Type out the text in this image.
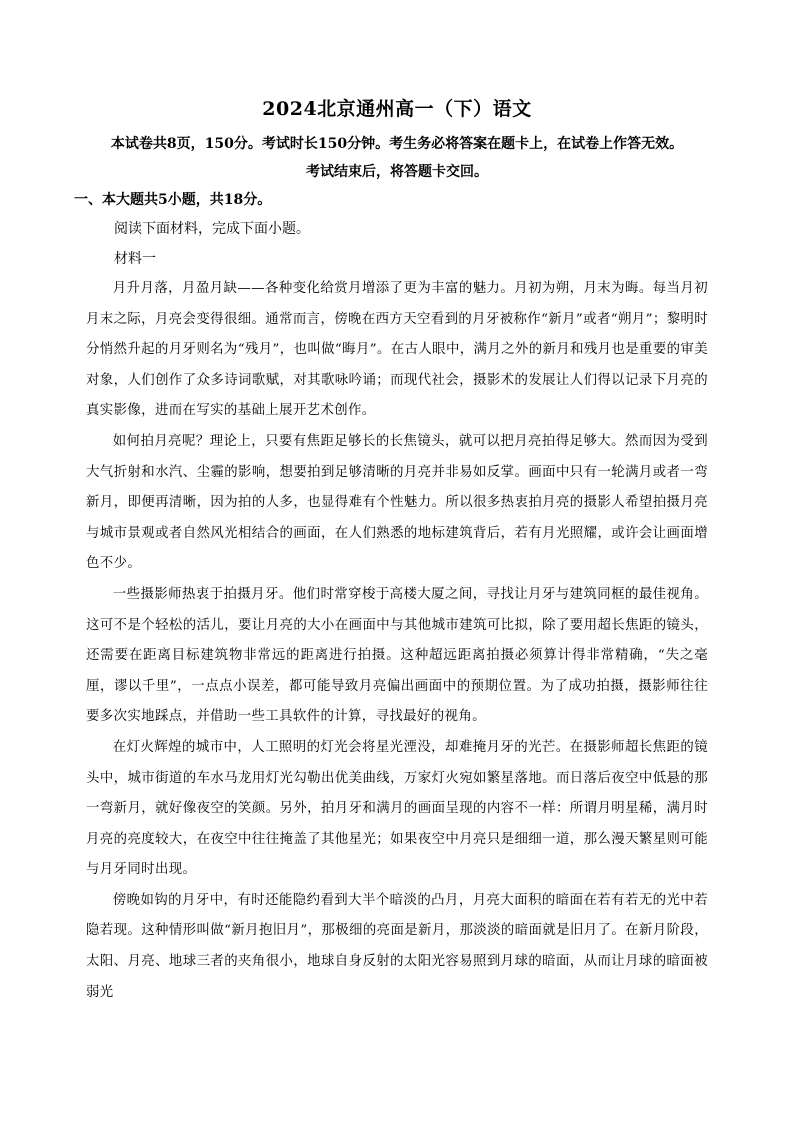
2024北京通州高一（下）语文

本试卷共8页，150分。考试时长150分钟。考生务必将答案在题卡上，在试卷上作答无效。

考试结束后，将答题卡交回。

一、本大题共5小题，共18分。

阅读下面材料，完成下面小题。

材料一

月升月落，月盈月缺——各种变化给赏月增添了更为丰富的魅力。月初为朔，月末为晦。每当月初月末之际，月亮会变得很细。通常而言，傍晚在西方天空看到的月牙被称作“新月”或者“朔月”；黎明时分悄然升起的月牙则名为“残月”，也叫做“晦月”。在古人眼中，满月之外的新月和残月也是重要的审美对象，人们创作了众多诗词歌赋，对其歌咏吟诵；而现代社会，摄影术的发展让人们得以记录下月亮的真实影像，进而在写实的基础上展开艺术创作。

如何拍月亮呢？理论上，只要有焦距足够长的长焦镜头，就可以把月亮拍得足够大。然而因为受到大气折射和水汽、尘霾的影响，想要拍到足够清晰的月亮并非易如反掌。画面中只有一轮满月或者一弯新月，即便再清晰，因为拍的人多，也显得难有个性魅力。所以很多热衷拍月亮的摄影人希望拍摄月亮与城市景观或者自然风光相结合的画面，在人们熟悉的地标建筑背后，若有月光照耀，或许会让画面增色不少。

一些摄影师热衷于拍摄月牙。他们时常穿梭于高楼大厦之间，寻找让月牙与建筑同框的最佳视角。这可不是个轻松的活儿，要让月亮的大小在画面中与其他城市建筑可比拟，除了要用超长焦距的镜头，还需要在距离目标建筑物非常远的距离进行拍摄。这种超远距离拍摄必须算计得非常精确，“失之毫厘，谬以千里”，一点点小误差，都可能导致月亮偏出画面中的预期位置。为了成功拍摄，摄影师往往要多次实地踩点，并借助一些工具软件的计算，寻找最好的视角。

在灯火辉煌的城市中，人工照明的灯光会将星光湮没，却难掩月牙的光芒。在摄影师超长焦距的镜头中，城市街道的车水马龙用灯光勾勒出优美曲线，万家灯火宛如繁星落地。而日落后夜空中低悬的那一弯新月，就好像夜空的笑颜。另外，拍月牙和满月的画面呈现的内容不一样：所谓月明星稀，满月时月亮的亮度较大，在夜空中往往掩盖了其他星光；如果夜空中月亮只是细细一道，那么漫天繁星则可能与月牙同时出现。

傍晚如钩的月牙中，有时还能隐约看到大半个暗淡的凸月，月亮大面积的暗面在若有若无的光中若隐若现。这种情形叫做“新月抱旧月”，那极细的亮面是新月，那淡淡的暗面就是旧月了。在新月阶段，太阳、月亮、地球三者的夹角很小，地球自身反射的太阳光容易照到月球的暗面，从而让月球的暗面被弱光
